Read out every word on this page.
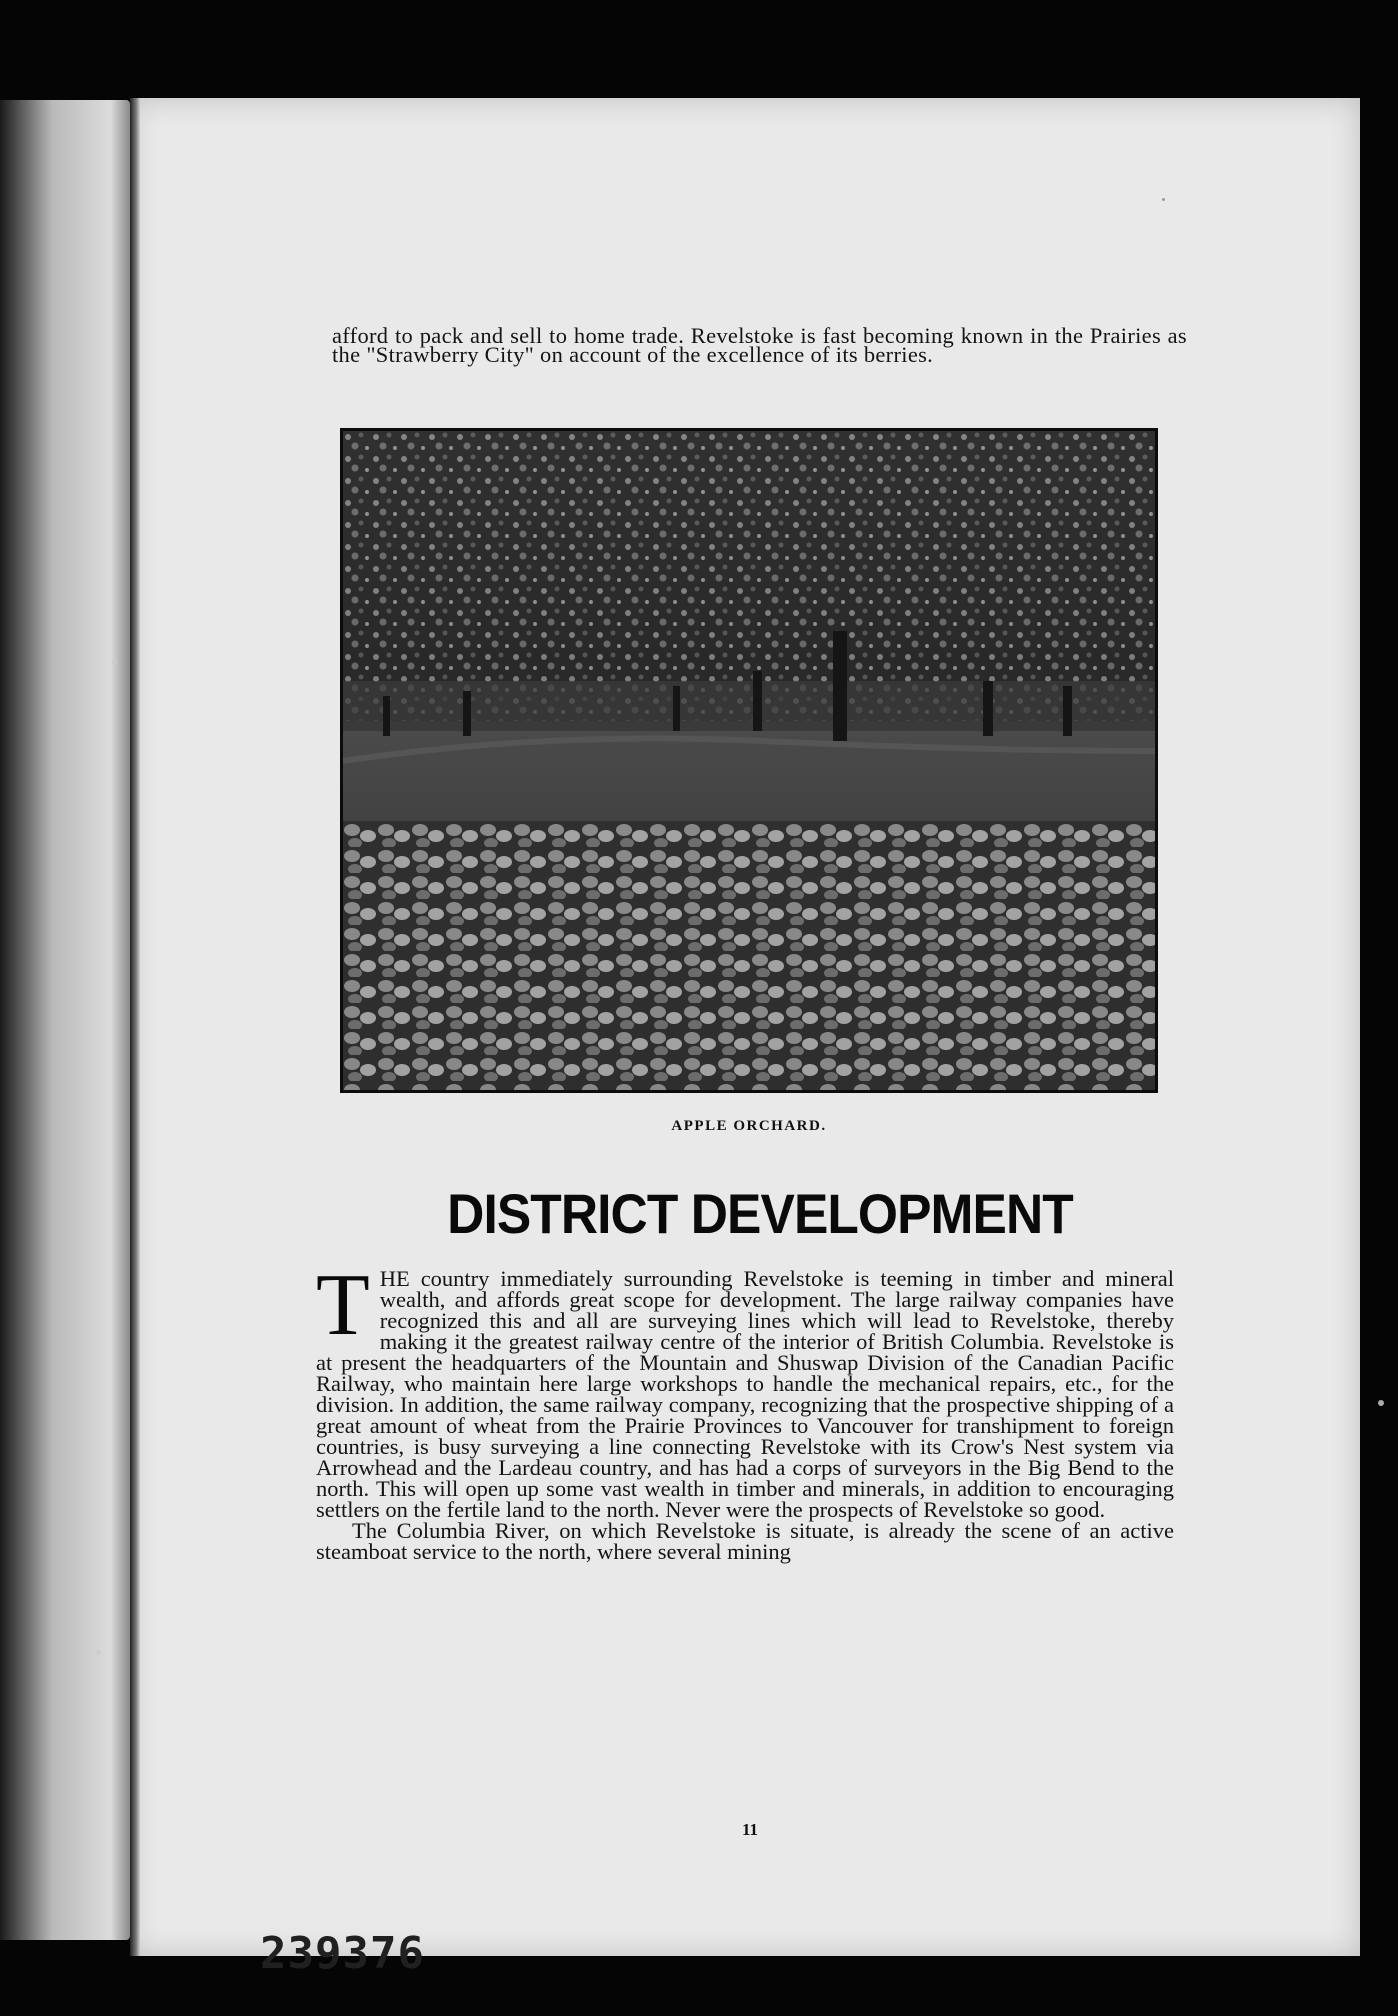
afford to pack and sell to home trade. Revelstoke is fast becoming known in the Prairies as the "Strawberry City" on account of the excellence of its berries.
APPLE ORCHARD.
DISTRICT DEVELOPMENT
T HE country immediately surrounding Revelstoke is teeming in timber and mineral wealth, and affords great scope for development. The large railway companies have recognized this and all are surveying lines which will lead to Revelstoke, thereby making it the greatest railway centre of the interior of British Columbia. Revelstoke is at present the headquarters of the Mountain and Shuswap Division of the Canadian Pacific Railway, who maintain here large workshops to handle the mechanical repairs, etc., for the division. In addition, the same railway company, recognizing that the prospective shipping of a great amount of wheat from the Prairie Provinces to Vancouver for transhipment to foreign countries, is busy surveying a line connecting Revelstoke with its Crow's Nest system via Arrowhead and the Lardeau country, and has had a corps of surveyors in the Big Bend to the north. This will open up some vast wealth in timber and minerals, in addition to encouraging settlers on the fertile land to the north. Never were the prospects of Revelstoke so good.

The Columbia River, on which Revelstoke is situate, is already the scene of an active steamboat service to the north, where several mining

11
239376
